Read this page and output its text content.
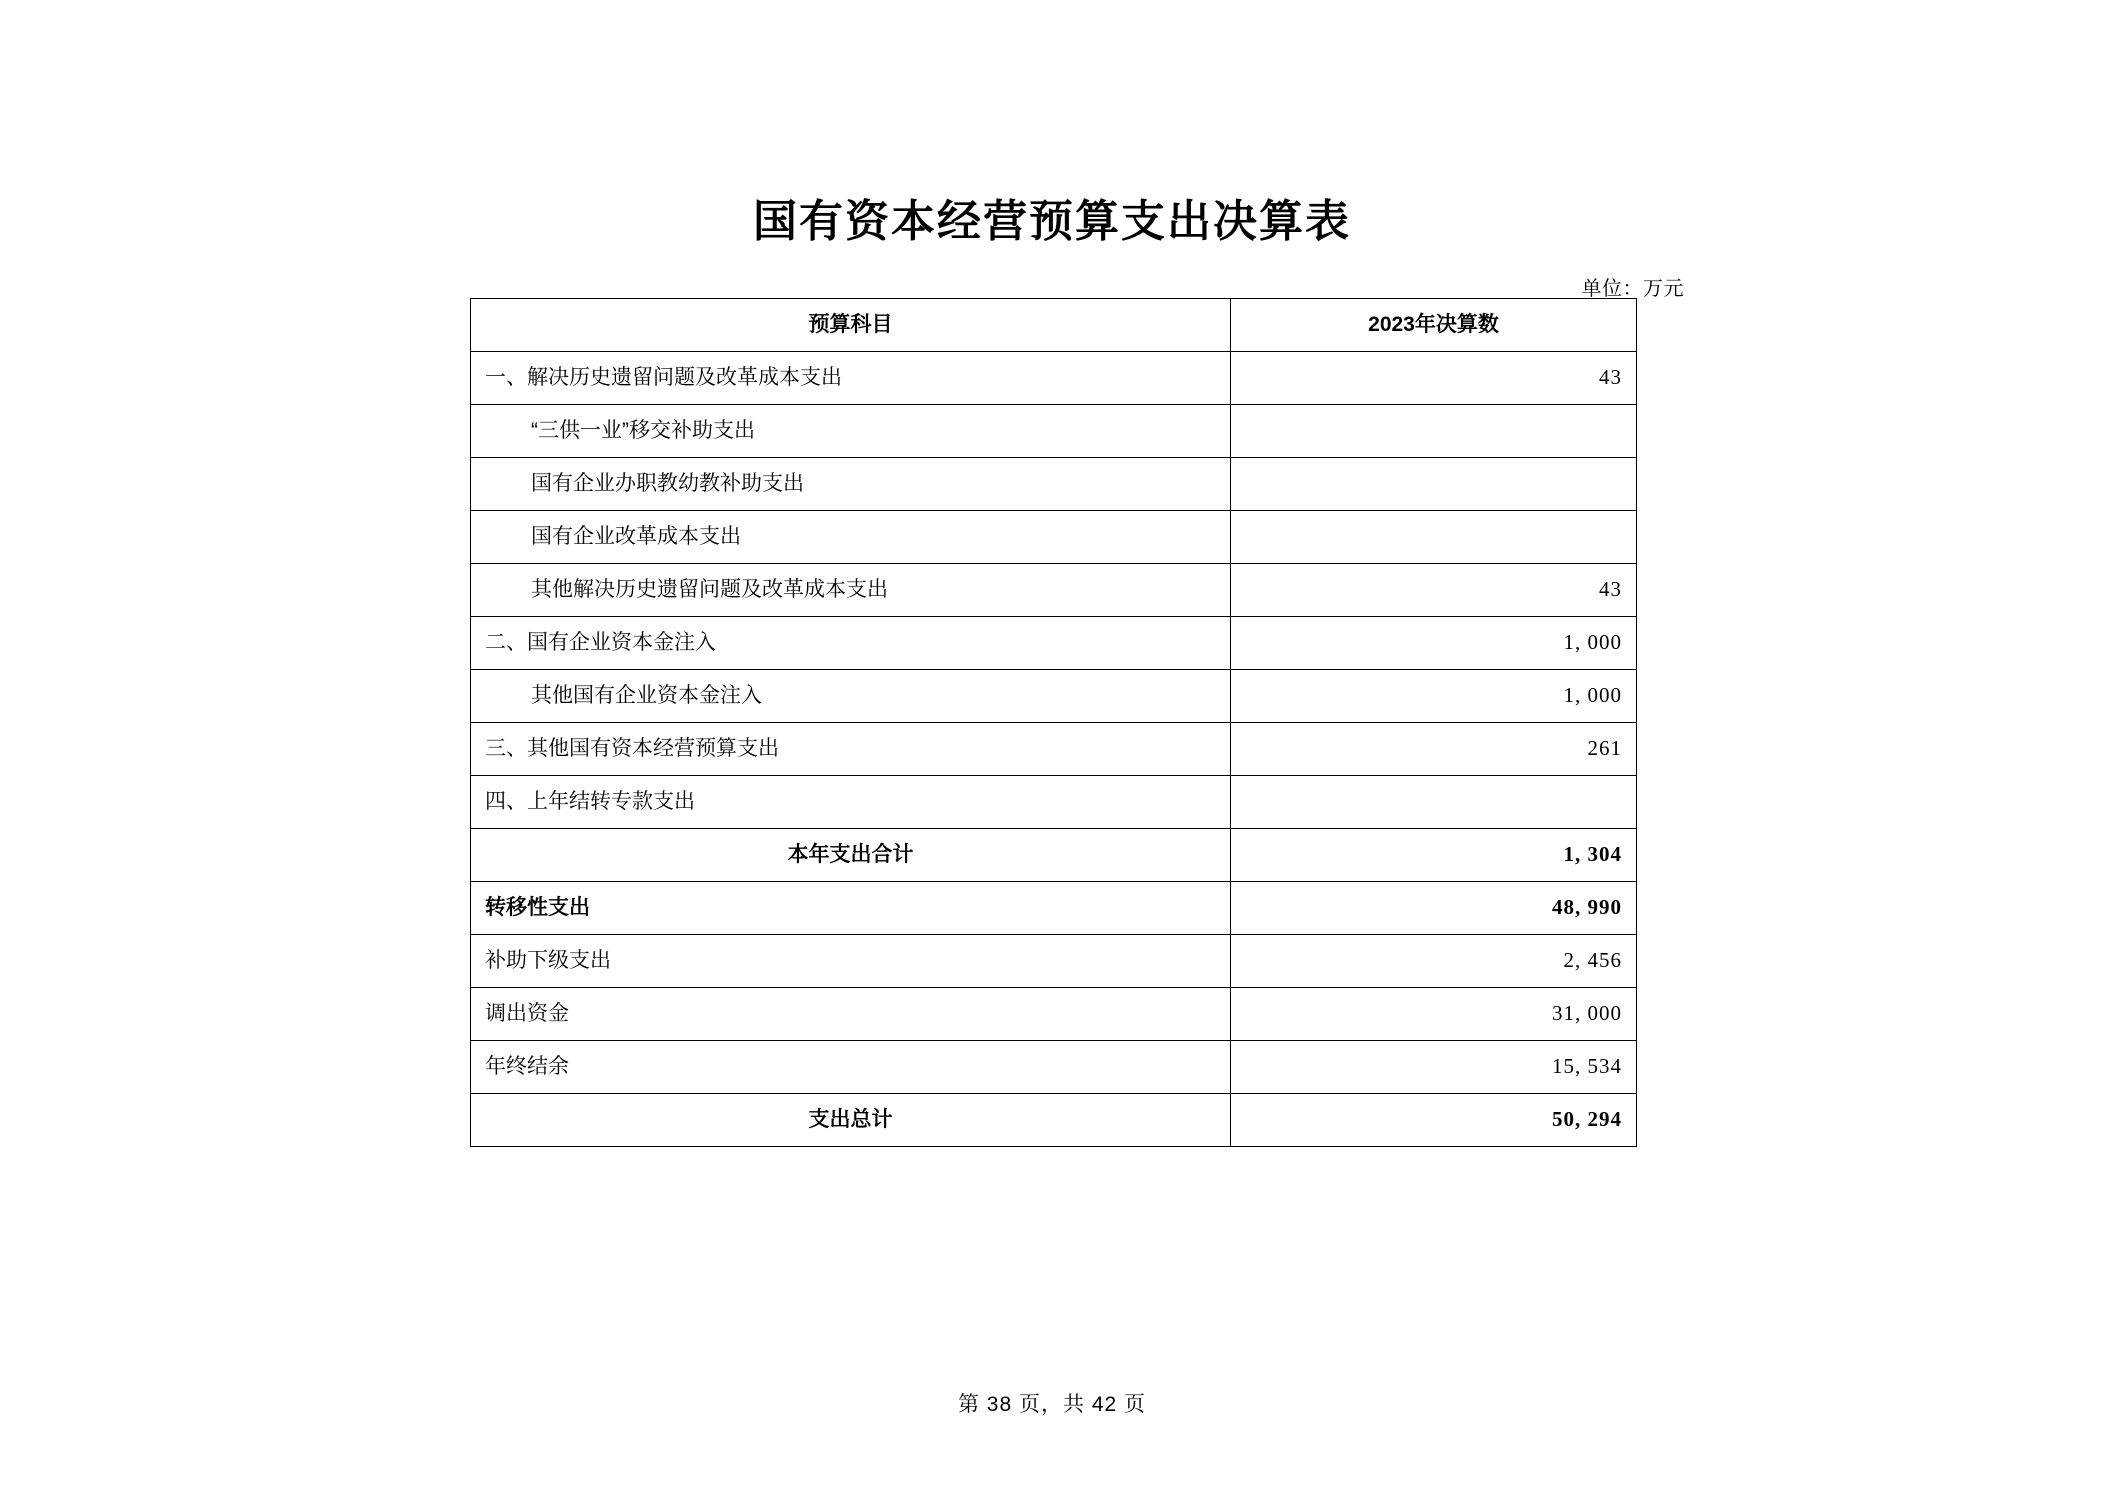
国有资本经营预算支出决算表
单位：万元
预算科目	2023年决算数
一、解决历史遗留问题及改革成本支出	43
“三供一业”移交补助支出	
国有企业办职教幼教补助支出	
国有企业改革成本支出	
其他解决历史遗留问题及改革成本支出	43
二、国有企业资本金注入	1, 000
其他国有企业资本金注入	1, 000
三、其他国有资本经营预算支出	261
四、上年结转专款支出	
本年支出合计	1, 304
转移性支出	48, 990
补助下级支出	2, 456
调出资金	31, 000
年终结余	15, 534
支出总计	50, 294
第 38 页，共 42 页
